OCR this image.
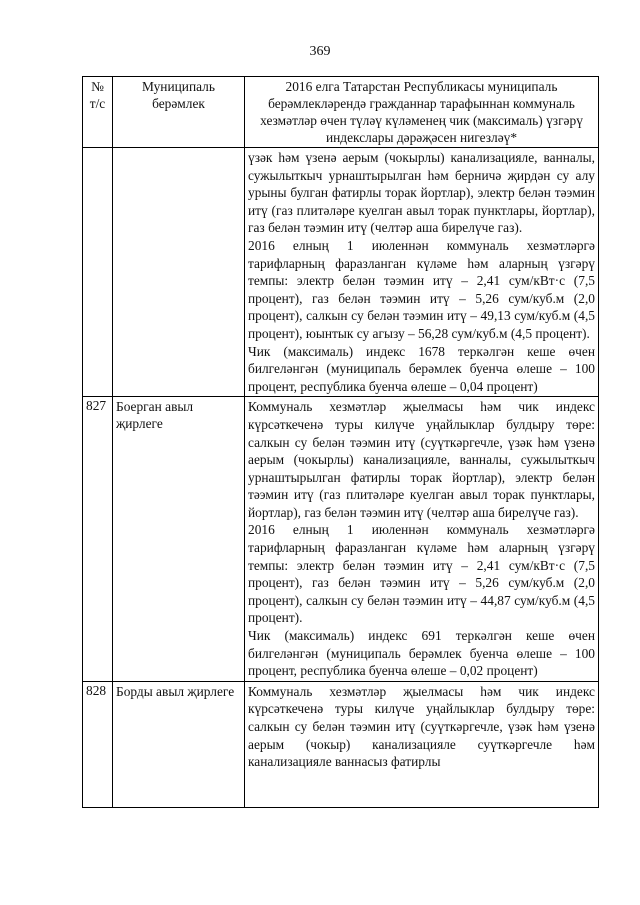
369
№ т/с	Муниципаль берәмлек	2016 елга Татарстан Республикасы муниципаль берәмлекләрендә гражданнар тарафыннан коммуналь хезмәтләр өчен түләү күләменең чик (максималь) үзгәрү индекслары дәрәҗәсен нигезләү*

		үзәк һәм үзенә аерым (чокырлы) канализацияле, ванналы, сужылыткыч урнаштырылган һәм берничә җирдән су алу урыны булган фатирлы торак йортлар), электр белән тәэмин итү (газ плитәләре куелган авыл торак пунктлары, йортлар), газ белән тәэмин итү (челтәр аша бирелүче газ).

2016 елның 1 июленнән коммуналь хезмәтләргә тарифларның фаразланган күләме һәм аларның үзгәрү темпы: электр белән тәэмин итү – 2,41 сум/кВт·с (7,5 процент), газ белән тәэмин итү – 5,26 сум/куб.м (2,0 процент), салкын су белән тәэмин итү – 49,13 сум/куб.м (4,5 процент), юынтык су агызу – 56,28 сум/куб.м (4,5 процент).

Чик (максималь) индекс 1678 теркәлгән кеше өчен билгеләнгән (муниципаль берәмлек буенча өлеше – 100 процент, республика буенча өлеше – 0,04 процент)

827	Боерган авыл җирлеге	Коммуналь хезмәтләр җыелмасы һәм чик индекс күрсәткеченә туры килүче уңайлыклар булдыру төре: салкын су белән тәэмин итү (суүткәргечле, үзәк һәм үзенә аерым (чокырлы) канализацияле, ванналы, сужылыткыч урнаштырылган фатирлы торак йортлар), электр белән тәэмин итү (газ плитәләре куелган авыл торак пунктлары, йортлар), газ белән тәэмин итү (челтәр аша бирелүче газ).

2016 елның 1 июленнән коммуналь хезмәтләргә тарифларның фаразланган күләме һәм аларның үзгәрү темпы: электр белән тәэмин итү – 2,41 сум/кВт·с (7,5 процент), газ белән тәэмин итү – 5,26 сум/куб.м (2,0 процент), салкын су белән тәэмин итү – 44,87 сум/куб.м (4,5 процент).

Чик (максималь) индекс 691 теркәлгән кеше өчен билгеләнгән (муниципаль берәмлек буенча өлеше – 100 процент, республика буенча өлеше – 0,02 процент)

828	Борды авыл җирлеге	Коммуналь хезмәтләр җыелмасы һәм чик индекс күрсәткеченә туры килүче уңайлыклар булдыру төре: салкын су белән тәэмин итү (суүткәргечле, үзәк һәм үзенә аерым (чокыр) канализацияле суүткәргечле һәм канализацияле ваннасыз фатирлы
